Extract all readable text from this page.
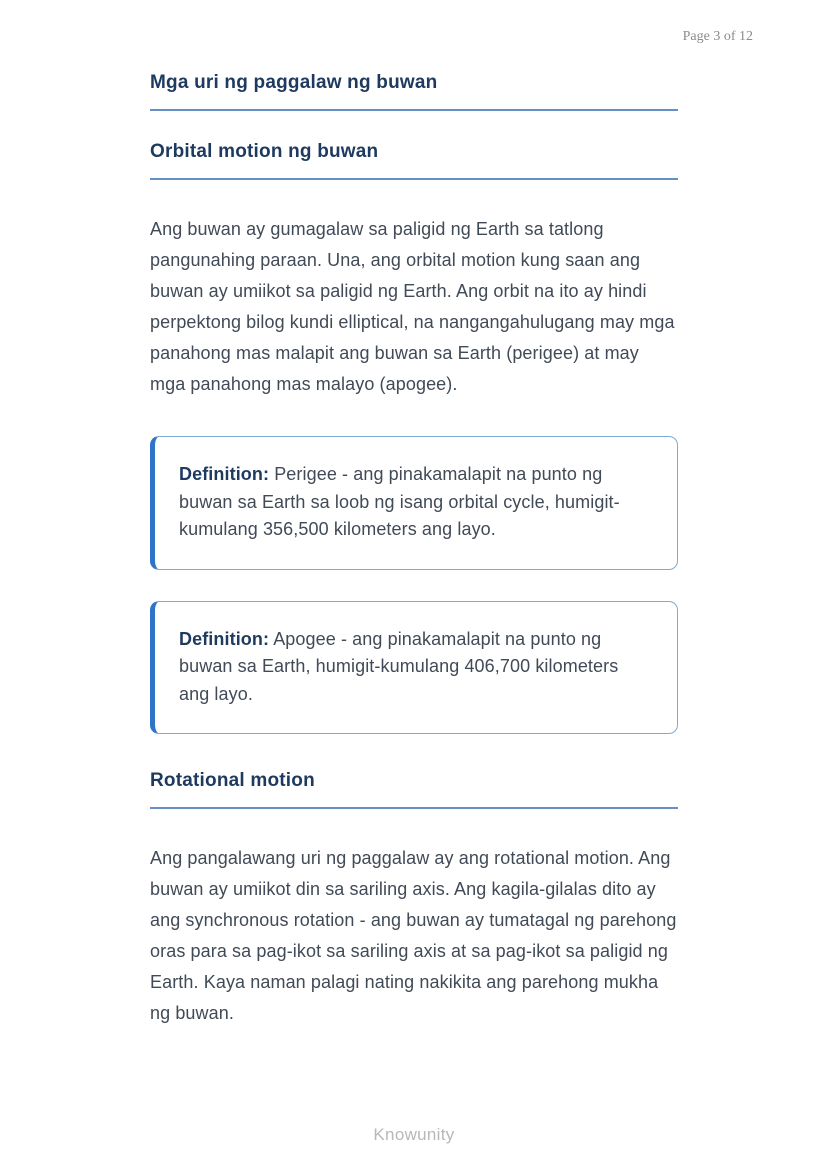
Page 3 of 12
Mga uri ng paggalaw ng buwan
Orbital motion ng buwan

Ang buwan ay gumagalaw sa paligid ng Earth sa tatlong pangunahing paraan. Una, ang orbital motion kung saan ang buwan ay umiikot sa paligid ng Earth. Ang orbit na ito ay hindi perpektong bilog kundi elliptical, na nangangahulugang may mga panahong mas malapit ang buwan sa Earth (perigee) at may mga panahong mas malayo (apogee).

Definition: Perigee - ang pinakamalapit na punto ng buwan sa Earth sa loob ng isang orbital cycle, humigit-kumulang 356,500 kilometers ang layo.

Definition: Apogee - ang pinakamalapit na punto ng buwan sa Earth, humigit-kumulang 406,700 kilometers ang layo.

Rotational motion

Ang pangalawang uri ng paggalaw ay ang rotational motion. Ang buwan ay umiikot din sa sariling axis. Ang kagila-gilalas dito ay ang synchronous rotation - ang buwan ay tumatagal ng parehong oras para sa pag-ikot sa sariling axis at sa pag-ikot sa paligid ng Earth. Kaya naman palagi nating nakikita ang parehong mukha ng buwan.

Knowunity
